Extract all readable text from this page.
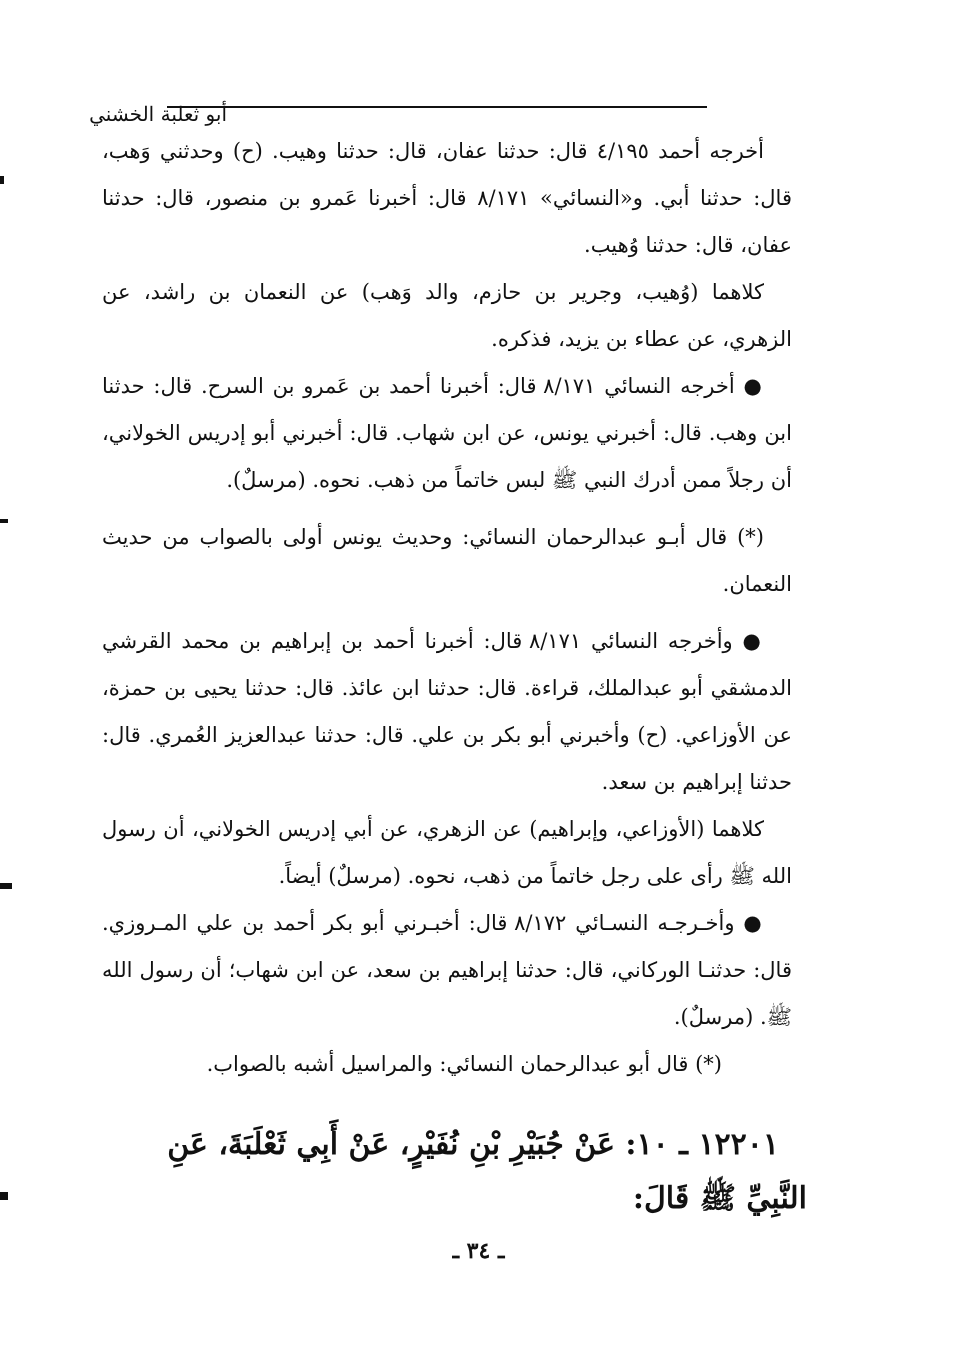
أبو ثعلبة الخشني

أخرجه أحمد ٤/١٩٥ قال: حدثنا عفان، قال: حدثنا وهيب. (ح) وحدثني وَهب، قال: حدثنا أبي. و«النسائي» ٨/١٧١ قال: أخبرنا عَمرو بن منصور، قال: حدثنا عفان، قال: حدثنا وُهيب.

كلاهما (وُهيب، وجرير بن حازم، والد وَهب) عن النعمان بن راشد، عن الزهري، عن عطاء بن يزيد، فذكره.

● أخرجه النسائي ٨/١٧١ قال: أخبرنا أحمد بن عَمرو بن السرح. قال: حدثنا ابن وهب. قال: أخبرني يونس، عن ابن شهاب. قال: أخبرني أبو إدريس الخولاني، أن رجلاً ممن أدرك النبي ﷺ لبس خاتماً من ذهب. نحوه. (مرسلٌ).

(*) قال أبـو عبدالرحمان النسائي: وحديث يونس أولى بالصواب من حديث النعمان.

● وأخرجه النسائي ٨/١٧١ قال: أخبرنا أحمد بن إبراهيم بن محمد القرشي الدمشقي أبو عبدالملك، قراءة. قال: حدثنا ابن عائذ. قال: حدثنا يحيى بن حمزة، عن الأوزاعي. (ح) وأخبرني أبو بكر بن علي. قال: حدثنا عبدالعزيز العُمري. قال: حدثنا إبراهيم بن سعد.

كلاهما (الأوزاعي، وإبراهيم) عن الزهري، عن أبي إدريس الخولاني، أن رسول الله ﷺ رأى على رجل خاتماً من ذهب، نحوه. (مرسلٌ) أيضاً.

● وأخـرجـه النسـائي ٨/١٧٢ قال: أخبـرني أبو بكر أحمد بن علي المـروزي. قال: حدثنـا الوركاني، قال: حدثنا إبراهيم بن سعد، عن ابن شهاب؛ أن رسول الله ﷺ. (مرسلٌ).

(*) قال أبو عبدالرحمان النسائي: والمراسيل أشبه بالصواب.

١٢٢٠١ ـ ١٠: عَنْ جُبَيْرِ بْنِ نُفَيْرٍ، عَنْ أَبِي ثَعْلَبَةَ، عَنِ النَّبِيِّ ﷺ قَالَ:
ـ ٣٤ ـ
